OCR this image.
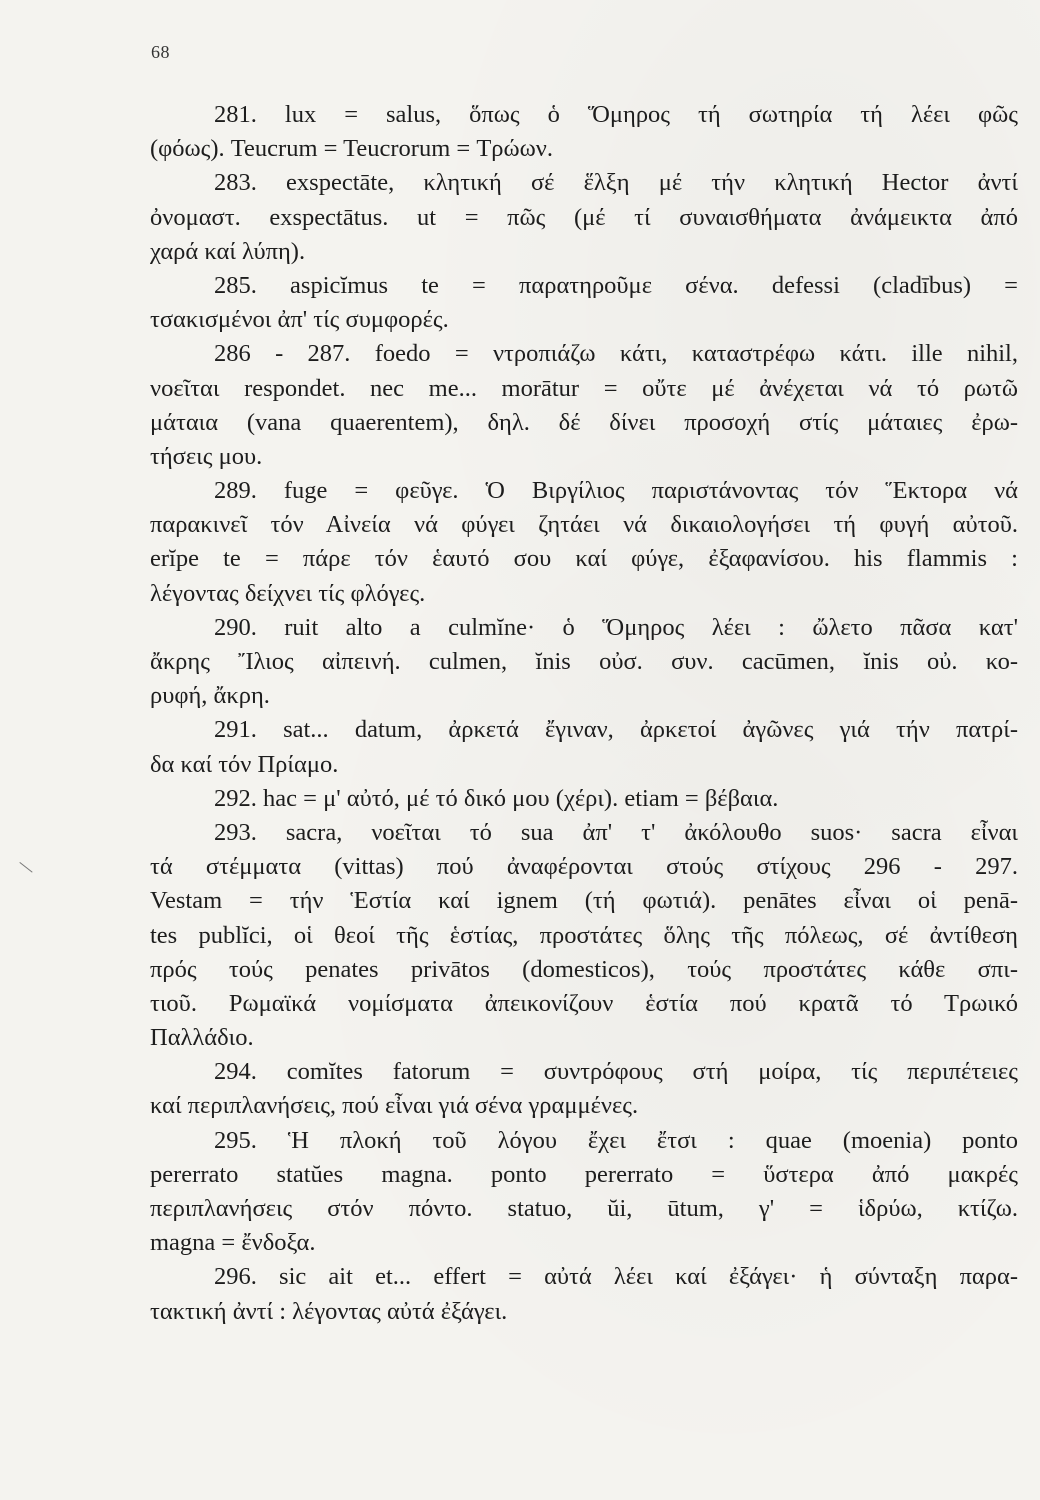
68
281. lux = salus, ὅπως ὁ Ὅμηρος τή σωτηρία τή λέει φῶς
(φόως). Teucrum = Teucrorum = Τρώων.
283. exspectāte, κλητική σέ ἕλξη μέ τήν κλητική Hector ἀντί
ὀνομαστ. exspectātus. ut = πῶς (μέ τί συναισθήματα ἀνάμεικτα ἀπό
χαρά καί λύπη).
285. aspicĭmus te = παρατηροῦμε σένα. defessi (cladībus) =
τσακισμένοι ἀπ' τίς συμφορές.
286 - 287. foedo = ντροπιάζω κάτι, καταστρέφω κάτι. ille nihil,
νοεῖται respondet. nec me... morātur = οὔτε μέ ἀνέχεται νά τό ρωτῶ
μάταια (vana quaerentem), δηλ. δέ δίνει προσοχή στίς μάταιες ἐρω-
τήσεις μου.
289. fuge = φεῦγε. Ὁ Βιργίλιος παριστάνοντας τόν Ἕκτορα νά
παρακινεῖ τόν Αἰνεία νά φύγει ζητάει νά δικαιολογήσει τή φυγή αὐτοῦ.
erĭpe te = πάρε τόν ἑαυτό σου καί φύγε, ἐξαφανίσου. his flammis :
λέγοντας δείχνει τίς φλόγες.
290. ruit alto a culmĭne· ὁ Ὅμηρος λέει : ὤλετο πᾶσα κατ'
ἄκρης Ἴλιος αἰπεινή. culmen, ĭnis οὐσ. συν. cacūmen, ĭnis οὐ. κο-
ρυφή, ἄκρη.
291. sat... datum, ἀρκετά ἔγιναν, ἀρκετοί ἀγῶνες γιά τήν πατρί-
δα καί τόν Πρίαμο.
292. hac = μ' αὐτό, μέ τό δικό μου (χέρι). etiam = βέβαια.
293. sacra, νοεῖται τό sua ἀπ' τ' ἀκόλουθο suos· sacra εἶναι
τά στέμματα (vittas) πού ἀναφέρονται στούς στίχους 296 - 297.
Vestam = τήν Ἑστία καί ignem (τή φωτιά). penātes εἶναι οἱ penā-
tes publĭci, οἱ θεοί τῆς ἑστίας, προστάτες ὅλης τῆς πόλεως, σέ ἀντίθεση
πρός τούς penates privātos (domesticos), τούς προστάτες κάθε σπι-
τιοῦ. Ρωμαϊκά νομίσματα ἀπεικονίζουν ἑστία πού κρατᾶ τό Τρωικό
Παλλάδιο.
294. comĭtes fatorum = συντρόφους στή μοίρα, τίς περιπέτειες
καί περιπλανήσεις, πού εἶναι γιά σένα γραμμένες.
295. Ἡ πλοκή τοῦ λόγου ἔχει ἔτσι : quae (moenia) ponto
pererrato statŭes magna. ponto pererrato = ὕστερα ἀπό μακρές
περιπλανήσεις στόν πόντο. statuo, ŭi, ūtum, γ' = ἱδρύω, κτίζω.
magna = ἔνδοξα.
296. sic ait et... effert = αὐτά λέει καί ἐξάγει· ἡ σύνταξη παρα-
τακτική ἀντί : λέγοντας αὐτά ἐξάγει.
